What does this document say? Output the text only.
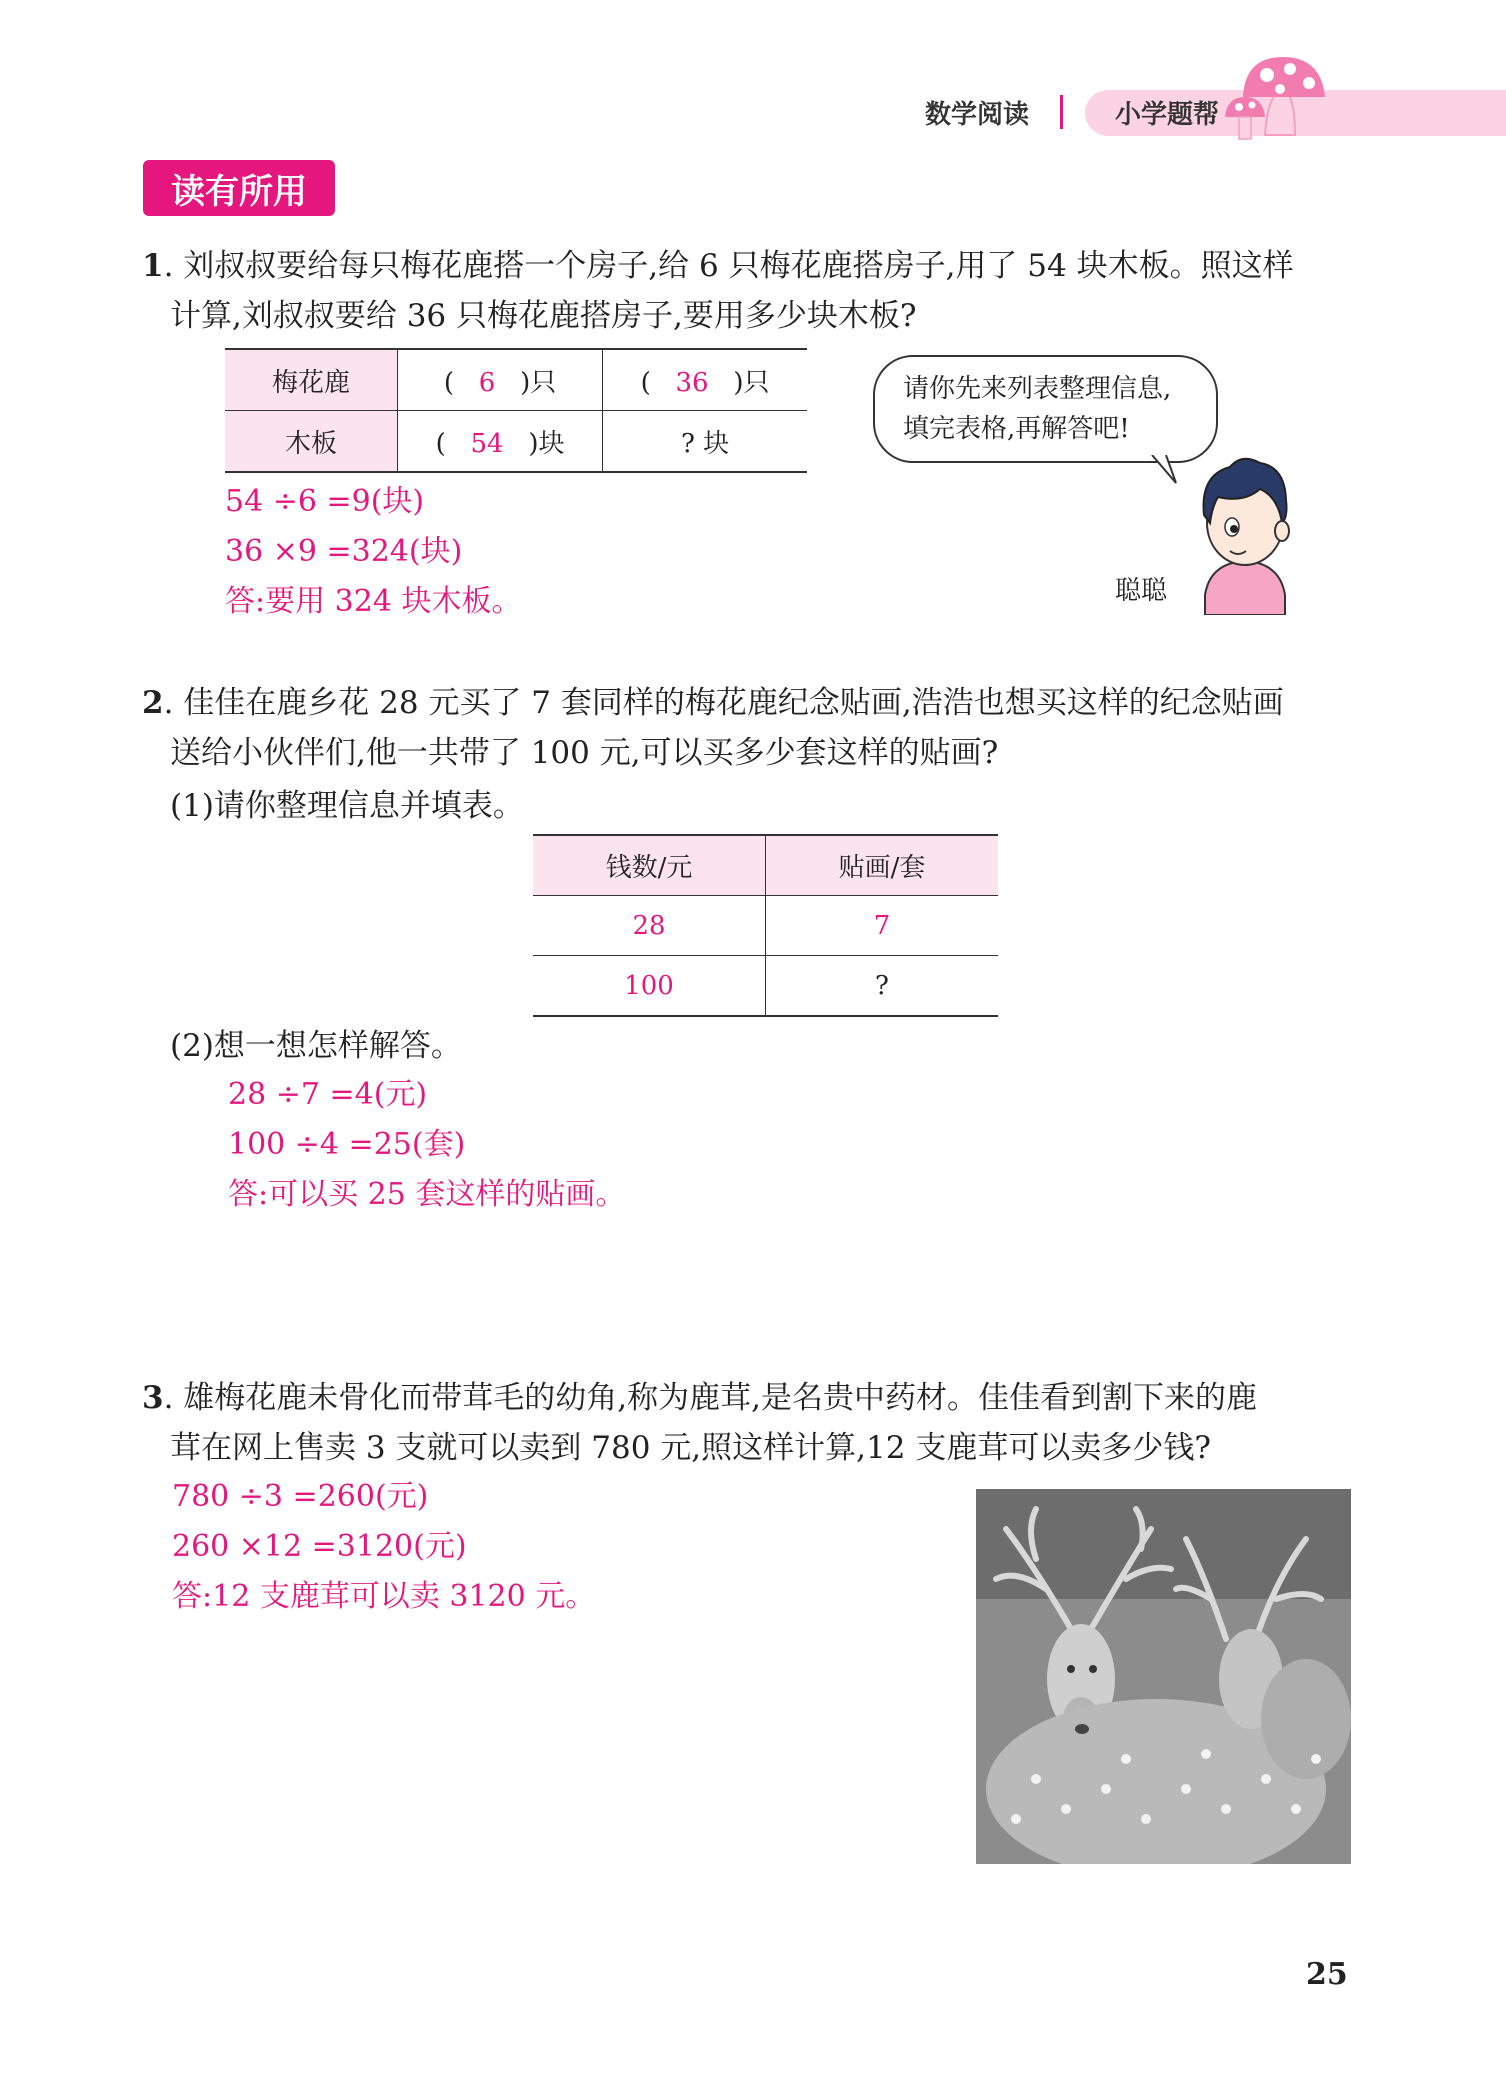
数学阅读	小学题帮
读有所用
1. 刘叔叔要给每只梅花鹿搭一个房子,给 6 只梅花鹿搭房子,用了 54 块木板。照这样
计算,刘叔叔要给 36 只梅花鹿搭房子,要用多少块木板?
梅花鹿	( 6 )只	( 36 )只
木板	( 54 )块	? 块
54 ÷6 =9(块)
36 ×9 =324(块)
答:要用 324 块木板。
请你先来列表整理信息,
填完表格,再解答吧!
聪聪
2. 佳佳在鹿乡花 28 元买了 7 套同样的梅花鹿纪念贴画,浩浩也想买这样的纪念贴画
送给小伙伴们,他一共带了 100 元,可以买多少套这样的贴画?
(1)请你整理信息并填表。
钱数/元	贴画/套
28	7
100	?
(2)想一想怎样解答。
28 ÷7 =4(元)
100 ÷4 =25(套)
答:可以买 25 套这样的贴画。
3. 雄梅花鹿未骨化而带茸毛的幼角,称为鹿茸,是名贵中药材。佳佳看到割下来的鹿
茸在网上售卖 3 支就可以卖到 780 元,照这样计算,12 支鹿茸可以卖多少钱?
780 ÷3 =260(元)
260 ×12 =3120(元)
答:12 支鹿茸可以卖 3120 元。
25
